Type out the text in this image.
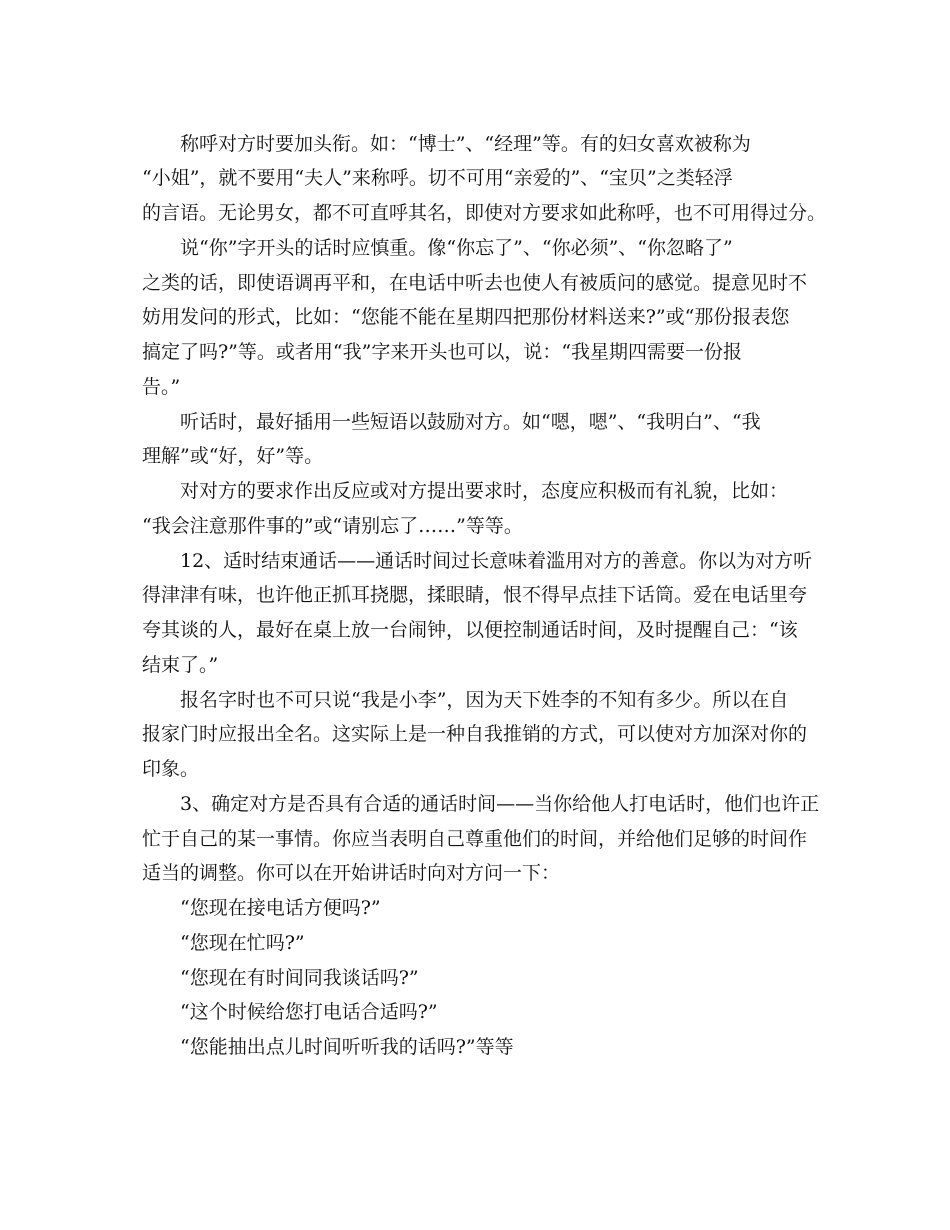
称呼对方时要加头衔。如：“博士”、“经理”等。有的妇女喜欢被称为
“小姐”，就不要用“夫人”来称呼。切不可用“亲爱的”、“宝贝”之类轻浮
的言语。无论男女，都不可直呼其名，即使对方要求如此称呼，也不可用得过分。
说“你”字开头的话时应慎重。像“你忘了”、“你必须”、“你忽略了”
之类的话，即使语调再平和，在电话中听去也使人有被质问的感觉。提意见时不
妨用发问的形式，比如：“您能不能在星期四把那份材料送来?”或“那份报表您
搞定了吗?”等。或者用“我”字来开头也可以，说：“我星期四需要一份报
告。”
听话时，最好插用一些短语以鼓励对方。如“嗯，嗯”、“我明白”、“我
理解”或“好，好”等。
对对方的要求作出反应或对方提出要求时，态度应积极而有礼貌，比如：
“我会注意那件事的”或“请别忘了……”等等。
12、适时结束通话——通话时间过长意味着滥用对方的善意。你以为对方听
得津津有味，也许他正抓耳挠腮，揉眼睛，恨不得早点挂下话筒。爱在电话里夸
夸其谈的人，最好在桌上放一台闹钟，以便控制通话时间，及时提醒自己：“该
结束了。”
报名字时也不可只说“我是小李”，因为天下姓李的不知有多少。所以在自
报家门时应报出全名。这实际上是一种自我推销的方式，可以使对方加深对你的
印象。
3、确定对方是否具有合适的通话时间——当你给他人打电话时，他们也许正
忙于自己的某一事情。你应当表明自己尊重他们的时间，并给他们足够的时间作
适当的调整。你可以在开始讲话时向对方问一下：
“您现在接电话方便吗?”
“您现在忙吗?”
“您现在有时间同我谈话吗?”
“这个时候给您打电话合适吗?”
“您能抽出点儿时间听听我的话吗?”等等
